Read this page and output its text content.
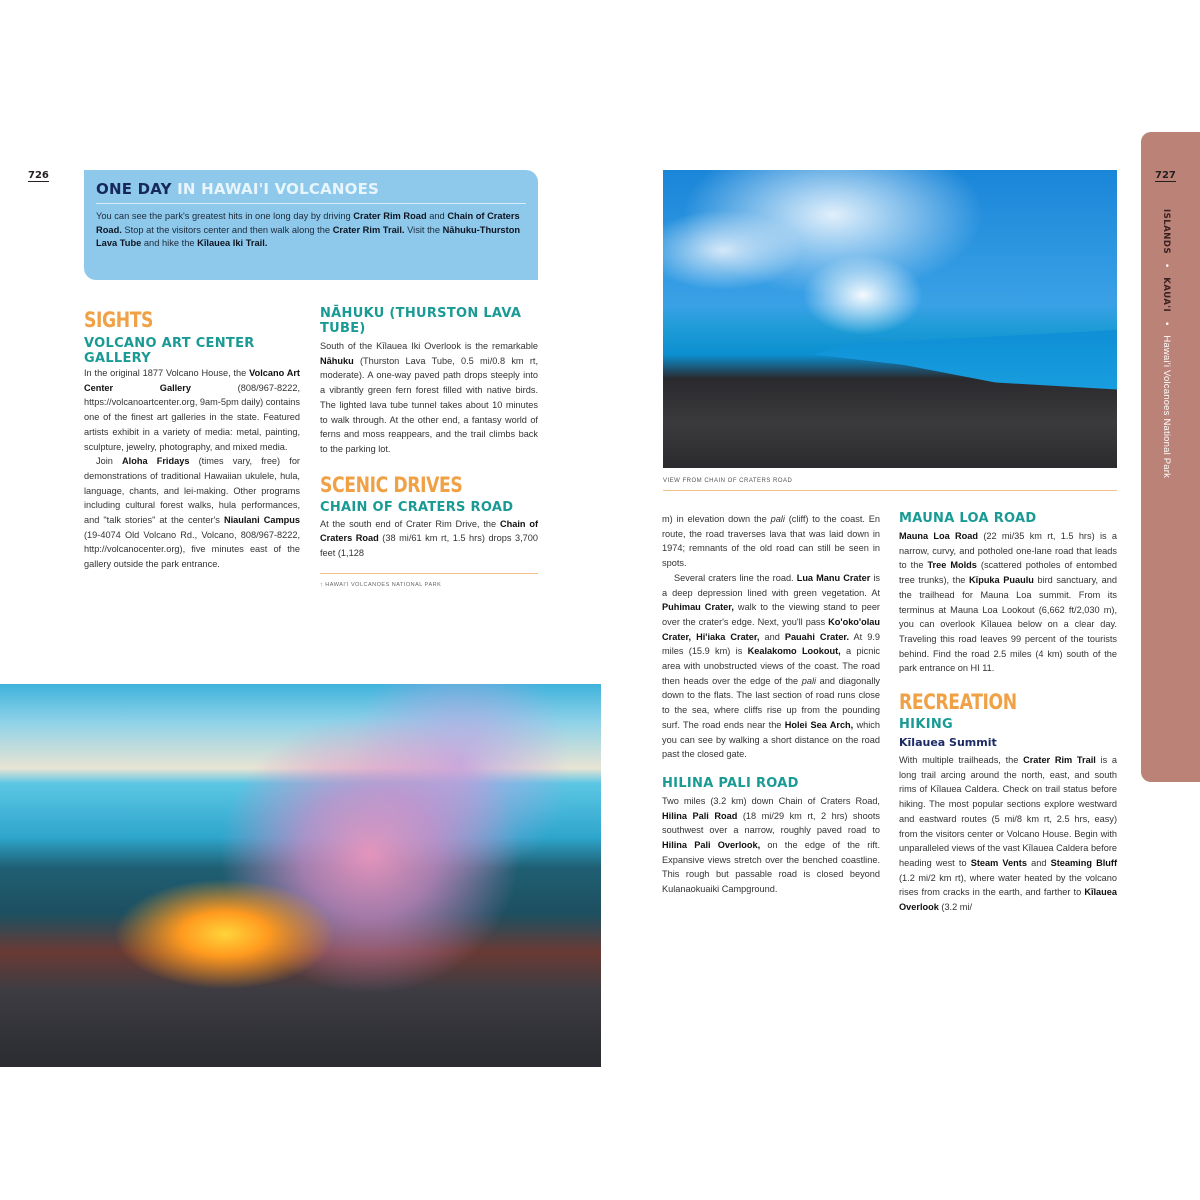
726
ONE DAY IN HAWAI'I VOLCANOES
You can see the park's greatest hits in one long day by driving Crater Rim Road and Chain of Craters Road. Stop at the visitors center and then walk along the Crater Rim Trail. Visit the Nāhuku-Thurston Lava Tube and hike the Kīlauea Iki Trail.
SIGHTS
VOLCANO ART CENTER GALLERY

In the original 1877 Volcano House, the Volcano Art Center Gallery (808/967-8222, https://volcanoartcenter.org, 9am-5pm daily) contains one of the finest art galleries in the state. Featured artists exhibit in a variety of media: metal, painting, sculpture, jewelry, photography, and mixed media.

Join Aloha Fridays (times vary, free) for demonstrations of traditional Hawaiian ukulele, hula, language, chants, and lei-making. Other programs including cultural forest walks, hula performances, and "talk stories" at the center's Niaulani Campus (19-4074 Old Volcano Rd., Volcano, 808/967-8222, http://volcanocenter.org), five minutes east of the gallery outside the park entrance.

NĀHUKU (THURSTON LAVA TUBE)

South of the Kīlauea Iki Overlook is the remarkable Nāhuku (Thurston Lava Tube, 0.5 mi/0.8 km rt, moderate). A one-way paved path drops steeply into a vibrantly green fern forest filled with native birds. The lighted lava tube tunnel takes about 10 minutes to walk through. At the other end, a fantasy world of ferns and moss reappears, and the trail climbs back to the parking lot.

SCENIC DRIVES
CHAIN OF CRATERS ROAD

At the south end of Crater Rim Drive, the Chain of Craters Road (38 mi/61 km rt, 1.5 hrs) drops 3,700 feet (1,128

↑ HAWAI'I VOLCANOES NATIONAL PARK
VIEW FROM CHAIN OF CRATERS ROAD

m) in elevation down the pali (cliff) to the coast. En route, the road traverses lava that was laid down in 1974; remnants of the old road can still be seen in spots.

Several craters line the road. Lua Manu Crater is a deep depression lined with green vegetation. At Puhimau Crater, walk to the viewing stand to peer over the crater's edge. Next, you'll pass Ko'oko'olau Crater, Hi'iaka Crater, and Pauahi Crater. At 9.9 miles (15.9 km) is Kealakomo Lookout, a picnic area with unobstructed views of the coast. The road then heads over the edge of the pali and diagonally down to the flats. The last section of road runs close to the sea, where cliffs rise up from the pounding surf. The road ends near the Holei Sea Arch, which you can see by walking a short distance on the road past the closed gate.

HILINA PALI ROAD

Two miles (3.2 km) down Chain of Craters Road, Hilina Pali Road (18 mi/29 km rt, 2 hrs) shoots southwest over a narrow, roughly paved road to Hilina Pali Overlook, on the edge of the rift. Expansive views stretch over the benched coastline. This rough but passable road is closed beyond Kulanaokuaiki Campground.

MAUNA LOA ROAD

Mauna Loa Road (22 mi/35 km rt, 1.5 hrs) is a narrow, curvy, and potholed one-lane road that leads to the Tree Molds (scattered potholes of entombed tree trunks), the Kīpuka Puaulu bird sanctuary, and the trailhead for Mauna Loa summit. From its terminus at Mauna Loa Lookout (6,662 ft/2,030 m), you can overlook Kīlauea below on a clear day. Traveling this road leaves 99 percent of the tourists behind. Find the road 2.5 miles (4 km) south of the park entrance on HI 11.

RECREATION
HIKING
Kīlauea Summit

With multiple trailheads, the Crater Rim Trail is a long trail arcing around the north, east, and south rims of Kīlauea Caldera. Check on trail status before hiking. The most popular sections explore westward and eastward routes (5 mi/8 km rt, 2.5 hrs, easy) from the visitors center or Volcano House. Begin with unparalleled views of the vast Kīlauea Caldera before heading west to Steam Vents and Steaming Bluff (1.2 mi/2 km rt), where water heated by the volcano rises from cracks in the earth, and farther to Kīlauea Overlook (3.2 mi/

727
ISLANDS • KAUA'I • Hawai'i Volcanoes National Park
